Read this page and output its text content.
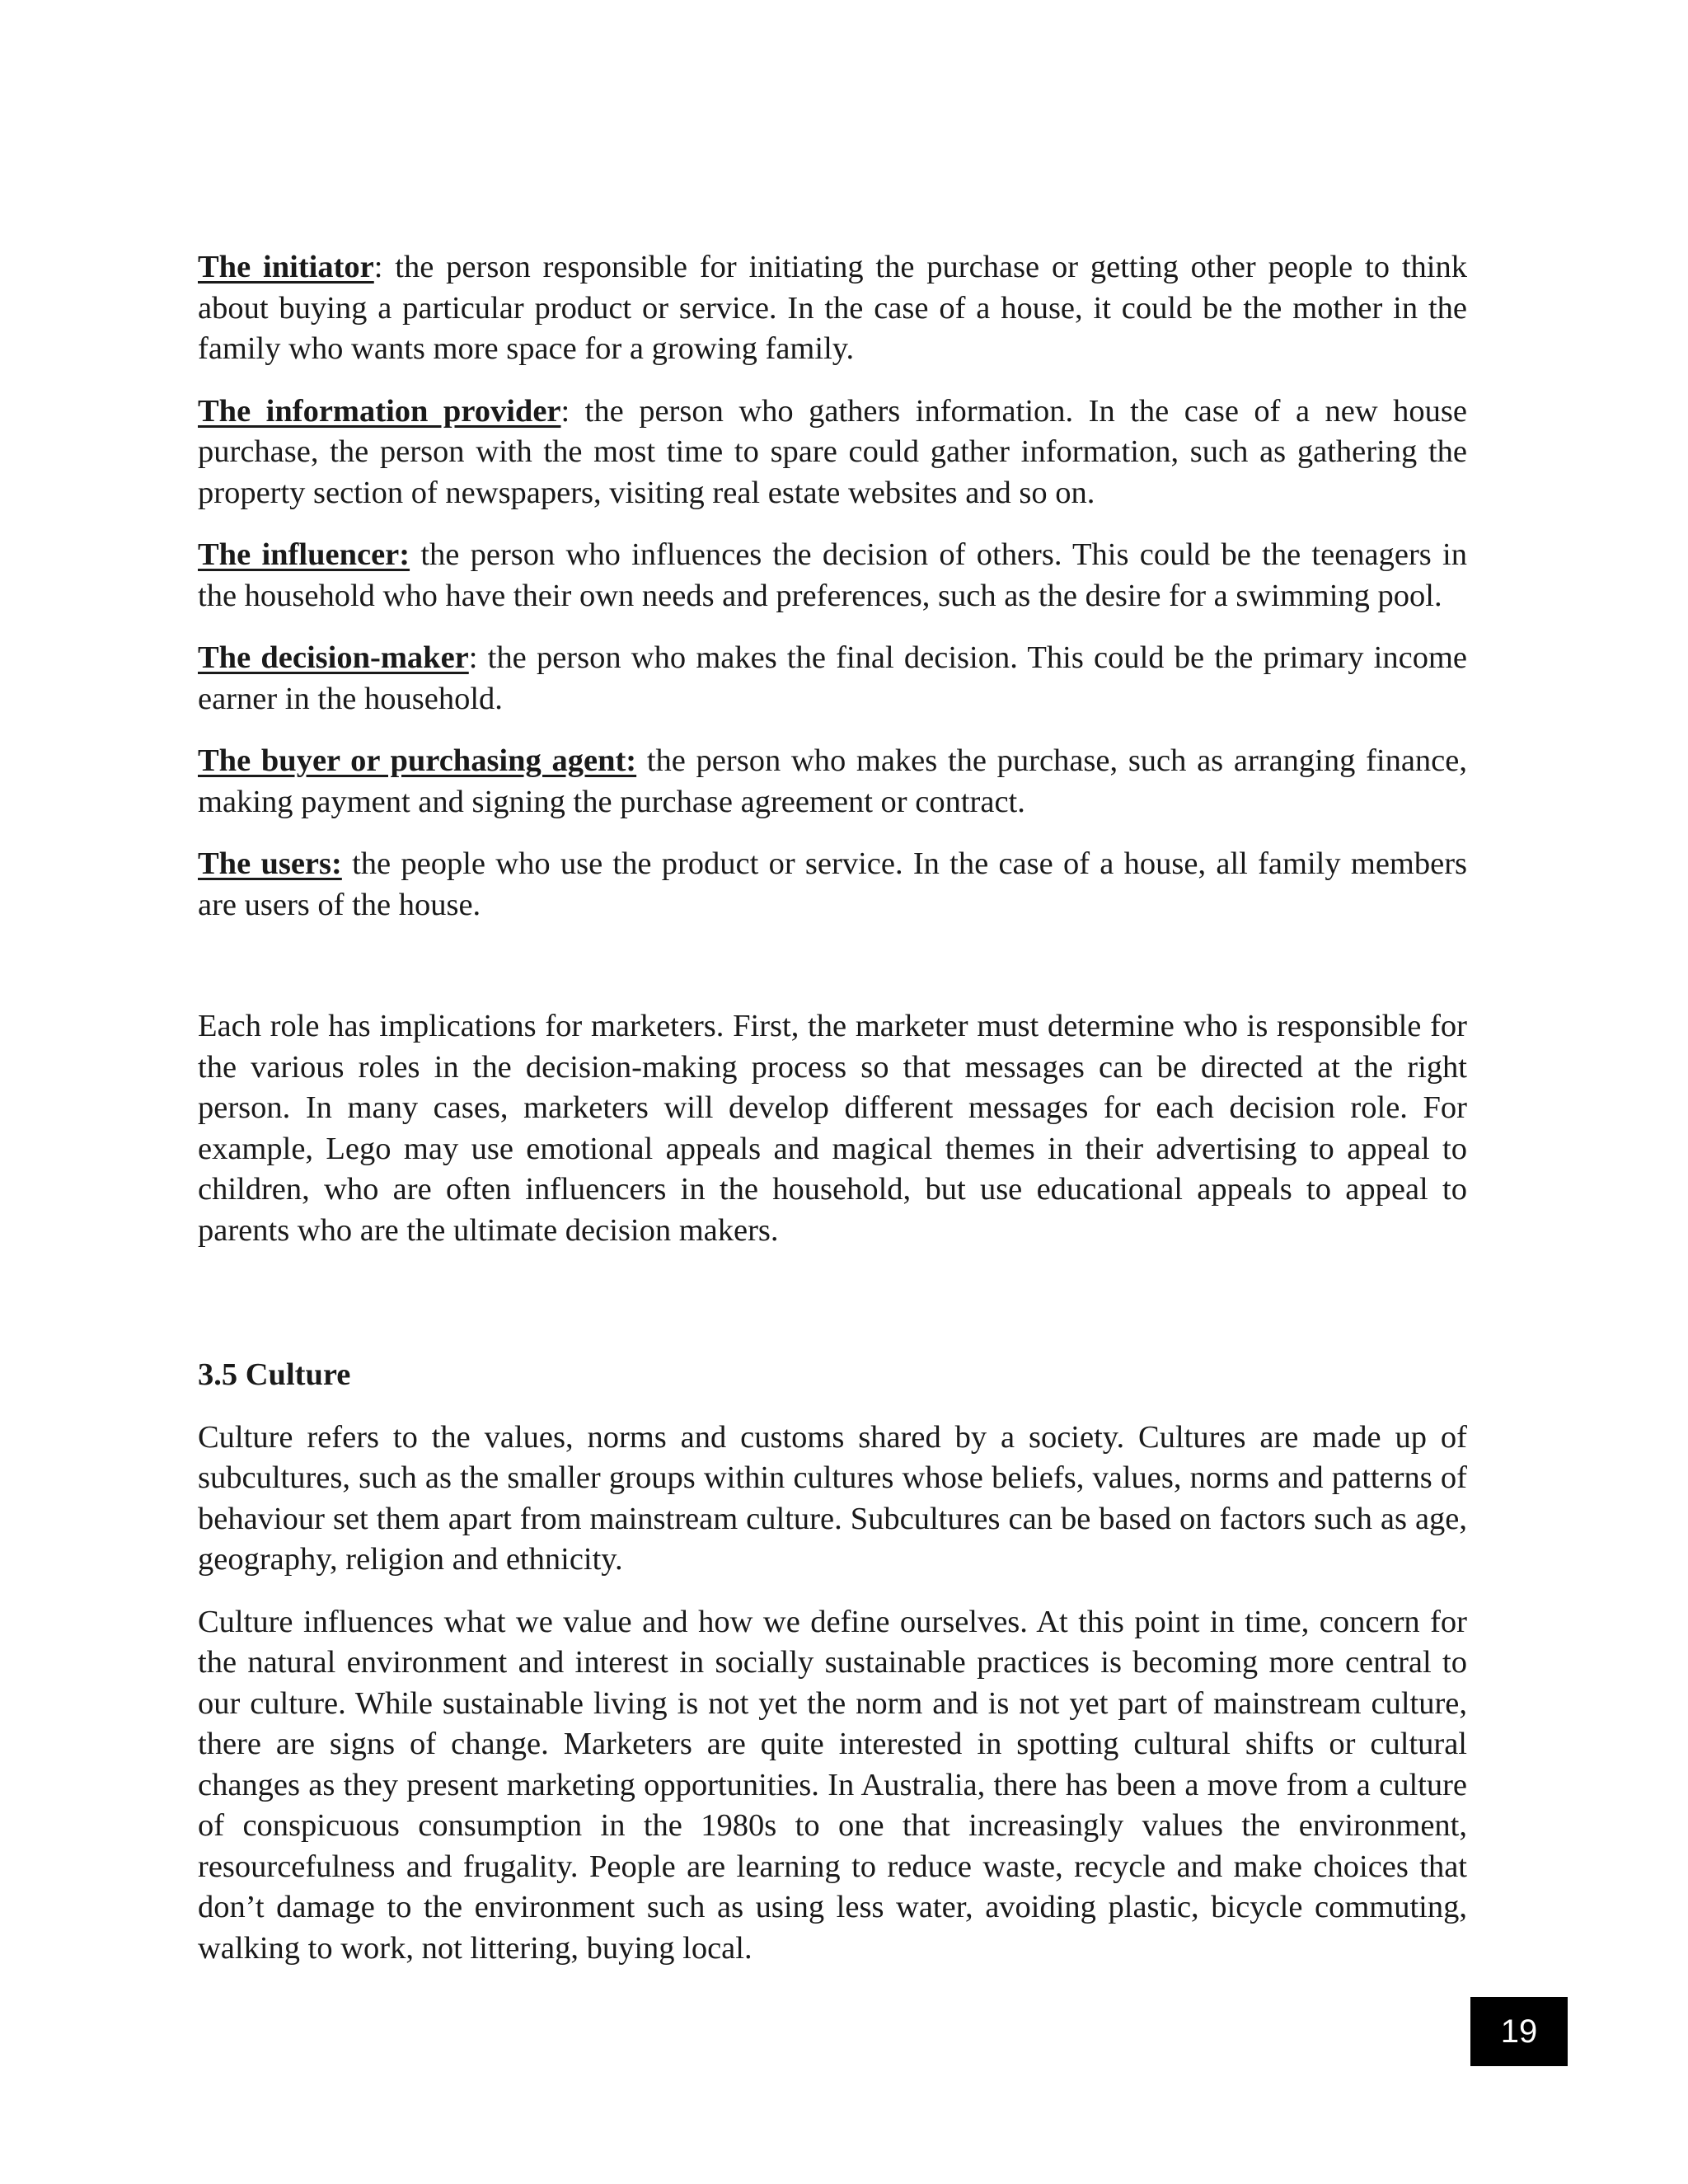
The initiator: the person responsible for initiating the purchase or getting other people to think about buying a particular product or service. In the case of a house, it could be the mother in the family who wants more space for a growing family.

The information provider: the person who gathers information. In the case of a new house purchase, the person with the most time to spare could gather information, such as gathering the property section of newspapers, visiting real estate websites and so on.

The influencer: the person who influences the decision of others. This could be the teenagers in the household who have their own needs and preferences, such as the desire for a swimming pool.

The decision-maker: the person who makes the final decision. This could be the primary income earner in the household.

The buyer or purchasing agent: the person who makes the purchase, such as arranging finance, making payment and signing the purchase agreement or contract.

The users: the people who use the product or service. In the case of a house, all family members are users of the house.

Each role has implications for marketers. First, the marketer must determine who is responsible for the various roles in the decision-making process so that messages can be directed at the right person. In many cases, marketers will develop different messages for each decision role. For example, Lego may use emotional appeals and magical themes in their advertising to appeal to children, who are often influencers in the household, but use educational appeals to appeal to parents who are the ultimate decision makers.

3.5 Culture

Culture refers to the values, norms and customs shared by a society. Cultures are made up of subcultures, such as the smaller groups within cultures whose beliefs, values, norms and patterns of behaviour set them apart from mainstream culture. Subcultures can be based on factors such as age, geography, religion and ethnicity.

Culture influences what we value and how we define ourselves. At this point in time, concern for the natural environment and interest in socially sustainable practices is becoming more central to our culture. While sustainable living is not yet the norm and is not yet part of mainstream culture, there are signs of change. Marketers are quite interested in spotting cultural shifts or cultural changes as they present marketing opportunities. In Australia, there has been a move from a culture of conspicuous consumption in the 1980s to one that increasingly values the environment, resourcefulness and frugality. People are learning to reduce waste, recycle and make choices that don’t damage to the environment such as using less water, avoiding plastic, bicycle commuting, walking to work, not littering, buying local.

19
